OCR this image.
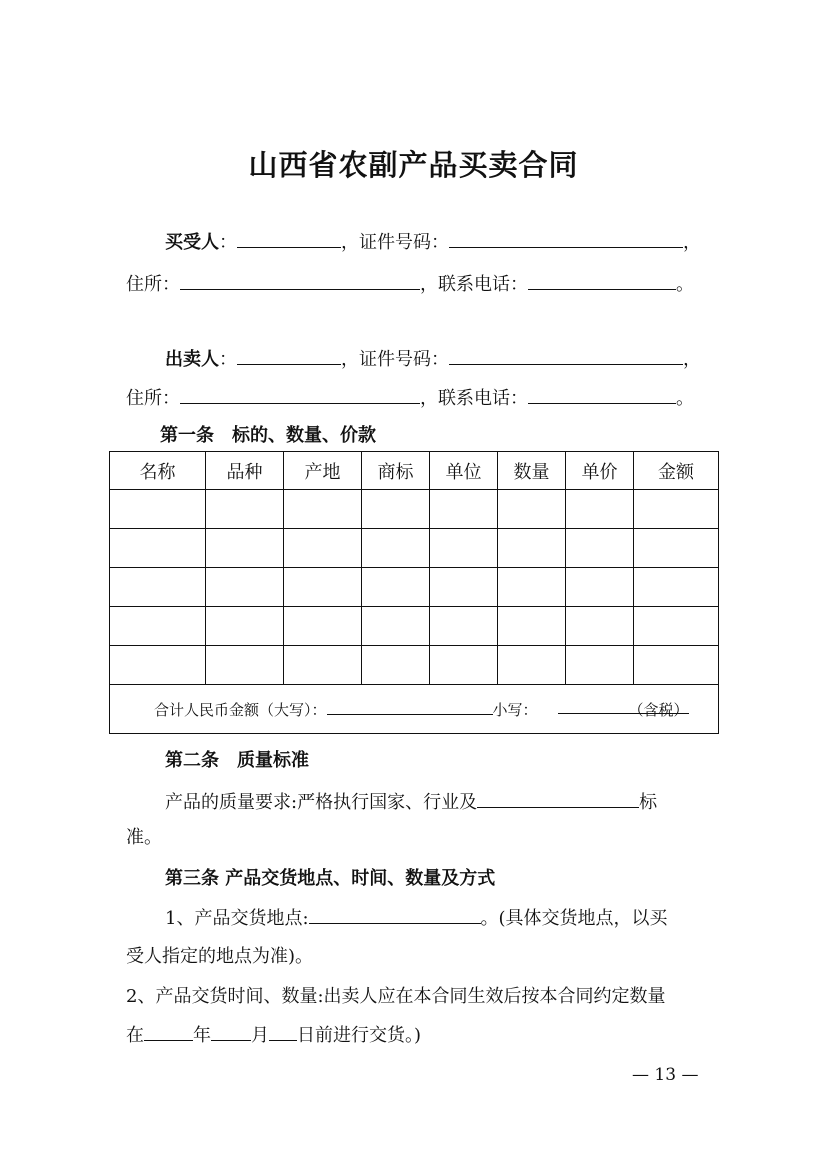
山西省农副产品买卖合同
买受人：	，证件号码：	，
住所：	，联系电话：	。
出卖人：	，证件号码：	，
住所：	，联系电话：	。
第一条　标的、数量、价款
名称	品种	产地	商标	单位	数量	单价	金额

合计人民币金额（大写）： 小写： （含税）							
第二条　质量标准
产品的质量要求:严格执行国家、行业及	标
准。
第三条 产品交货地点、时间、数量及方式
1、产品交货地点:	。(具体交货地点，以买
受人指定的地点为准)。
2、产品交货时间、数量:出卖人应在本合同生效后按本合同约定数量
在	年 月 日前进行交货。)
— 13 —
